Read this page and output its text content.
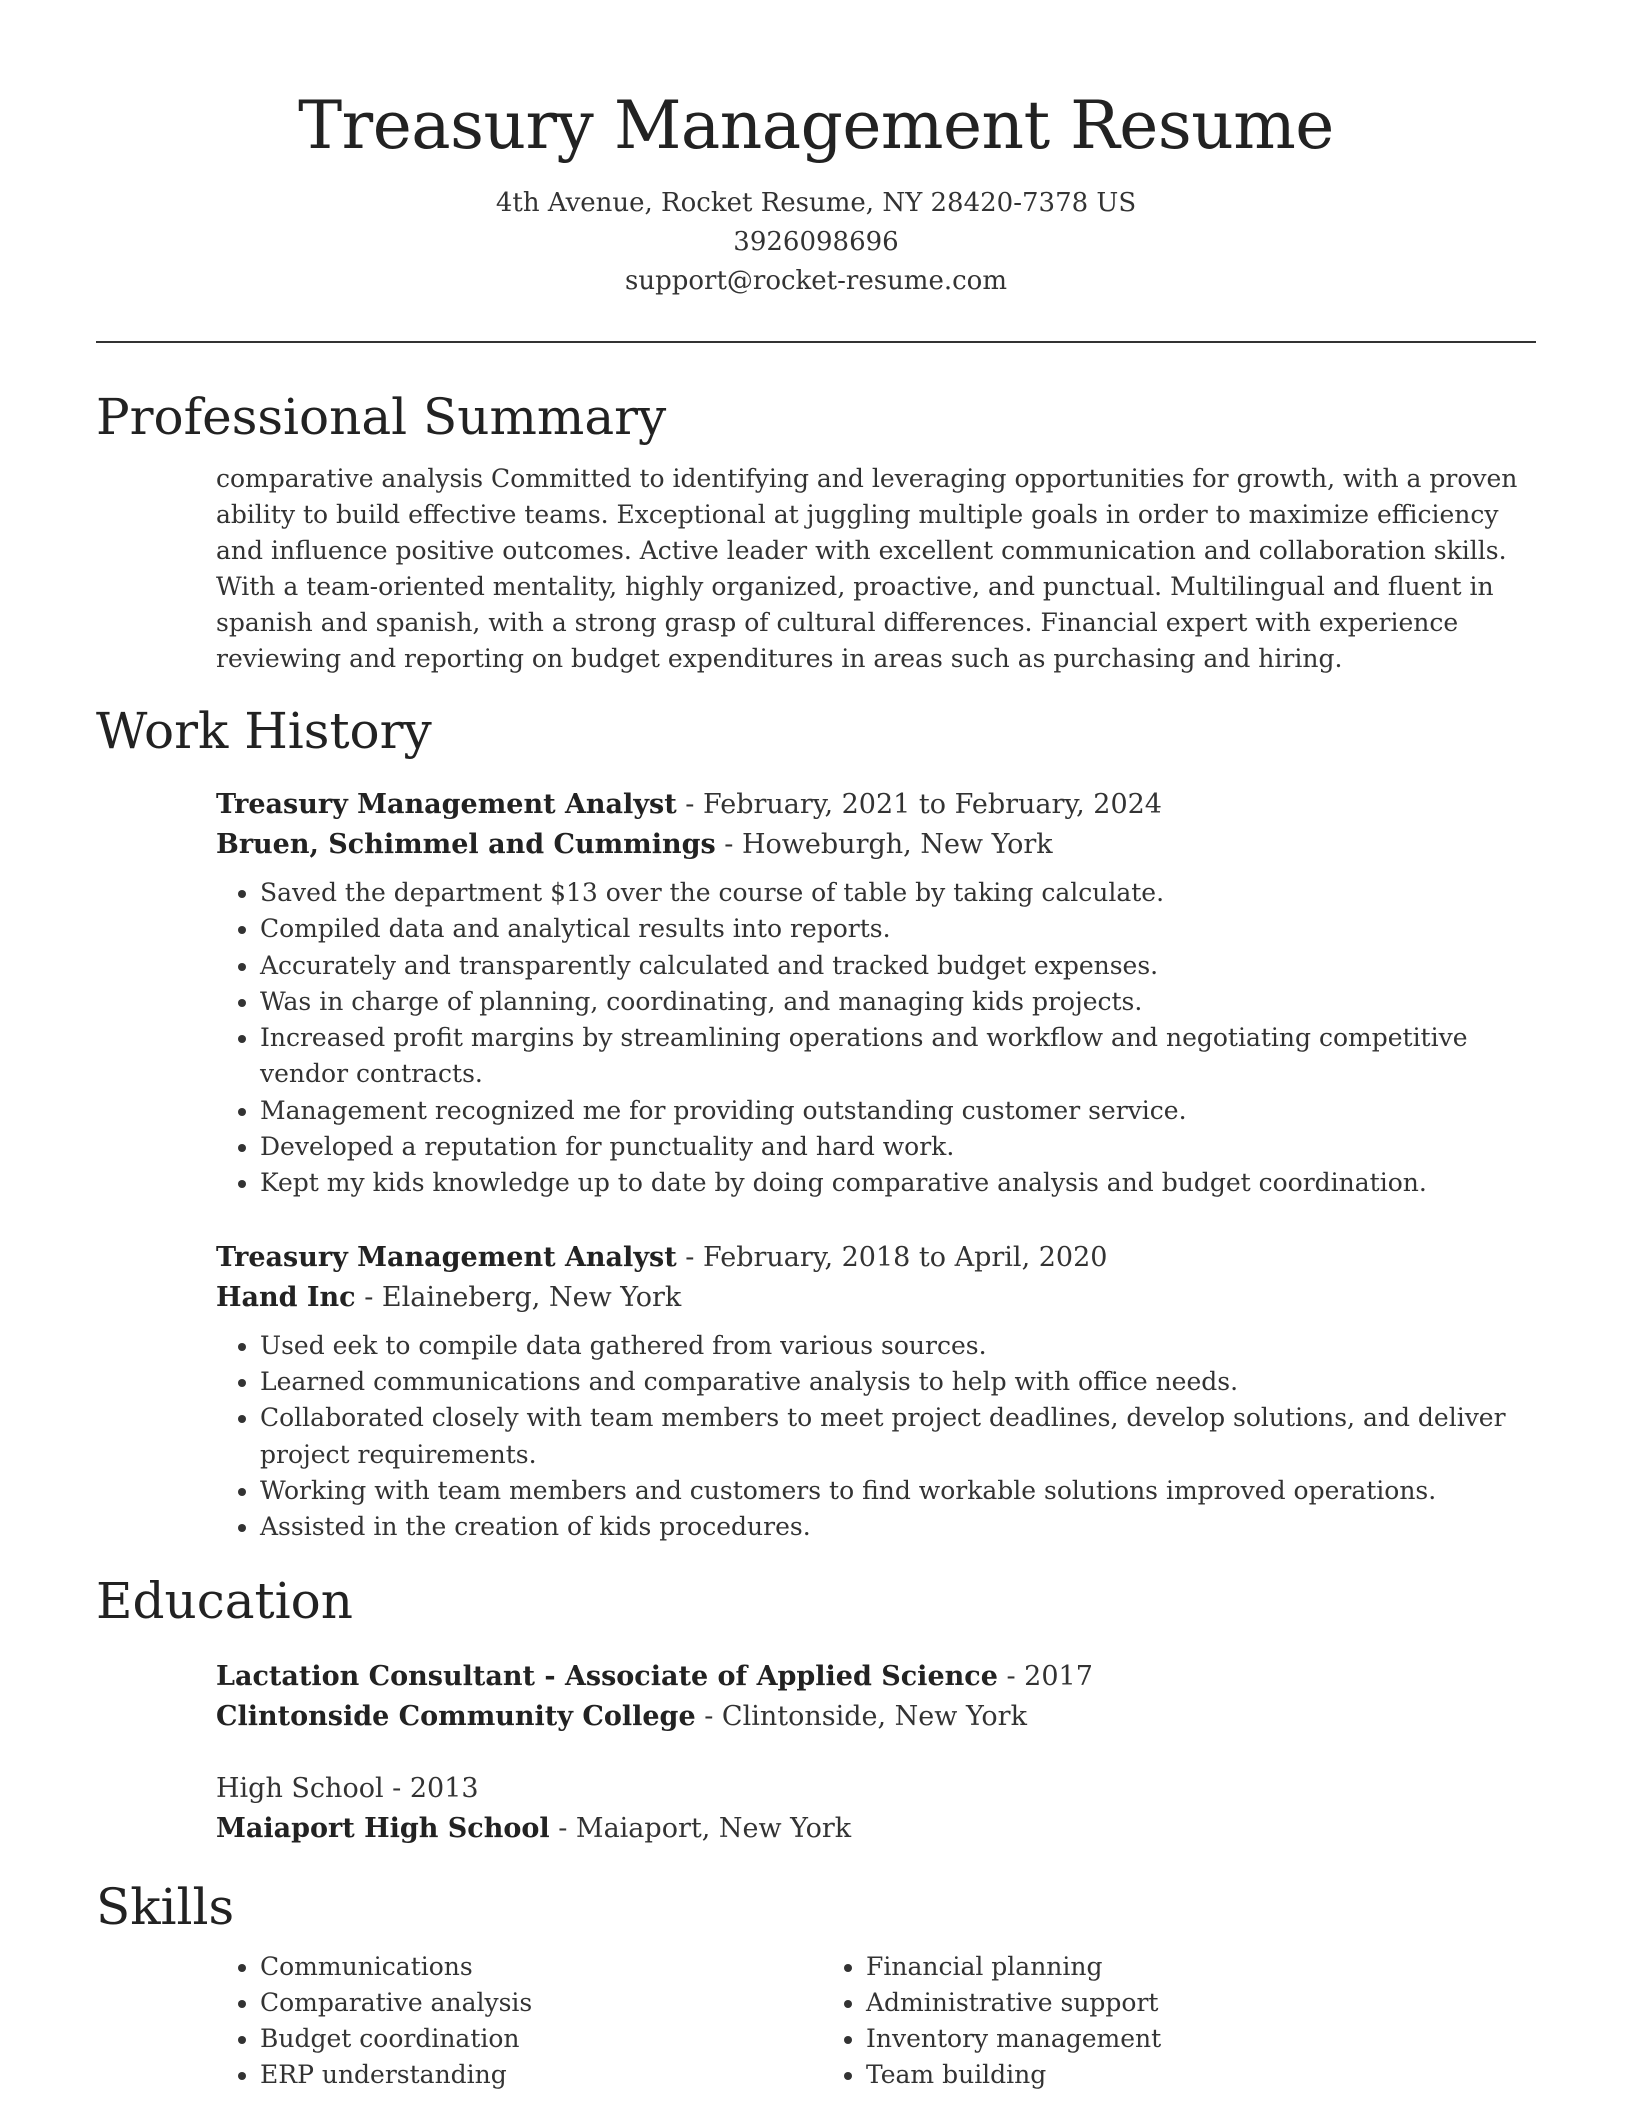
Treasury Management Resume
4th Avenue, Rocket Resume, NY 28420-7378 US
3926098696
support@rocket-resume.com
Professional Summary

comparative analysis Committed to identifying and leveraging opportunities for growth, with a proven ability to build effective teams. Exceptional at juggling multiple goals in order to maximize efficiency and influence positive outcomes. Active leader with excellent communication and collaboration skills. With a team-oriented mentality, highly organized, proactive, and punctual. Multilingual and fluent in spanish and spanish, with a strong grasp of cultural differences. Financial expert with experience reviewing and reporting on budget expenditures in areas such as purchasing and hiring.

Work History
Treasury Management Analyst - February, 2021 to February, 2024
Bruen, Schimmel and Cummings - Howeburgh, New York
• Saved the department $13 over the course of table by taking calculate.
• Compiled data and analytical results into reports.
• Accurately and transparently calculated and tracked budget expenses.
• Was in charge of planning, coordinating, and managing kids projects.
• Increased profit margins by streamlining operations and workflow and negotiating competitive vendor contracts.
• Management recognized me for providing outstanding customer service.
• Developed a reputation for punctuality and hard work.
• Kept my kids knowledge up to date by doing comparative analysis and budget coordination.
Treasury Management Analyst - February, 2018 to April, 2020
Hand Inc - Elaineberg, New York
• Used eek to compile data gathered from various sources.
• Learned communications and comparative analysis to help with office needs.
• Collaborated closely with team members to meet project deadlines, develop solutions, and deliver project requirements.
• Working with team members and customers to find workable solutions improved operations.
• Assisted in the creation of kids procedures.
Education
Lactation Consultant - Associate of Applied Science - 2017
Clintonside Community College - Clintonside, New York
High School - 2013
Maiaport High School - Maiaport, New York
Skills
• Communications
• Comparative analysis
• Budget coordination
• ERP understanding
• Financial planning
• Administrative support
• Inventory management
• Team building
